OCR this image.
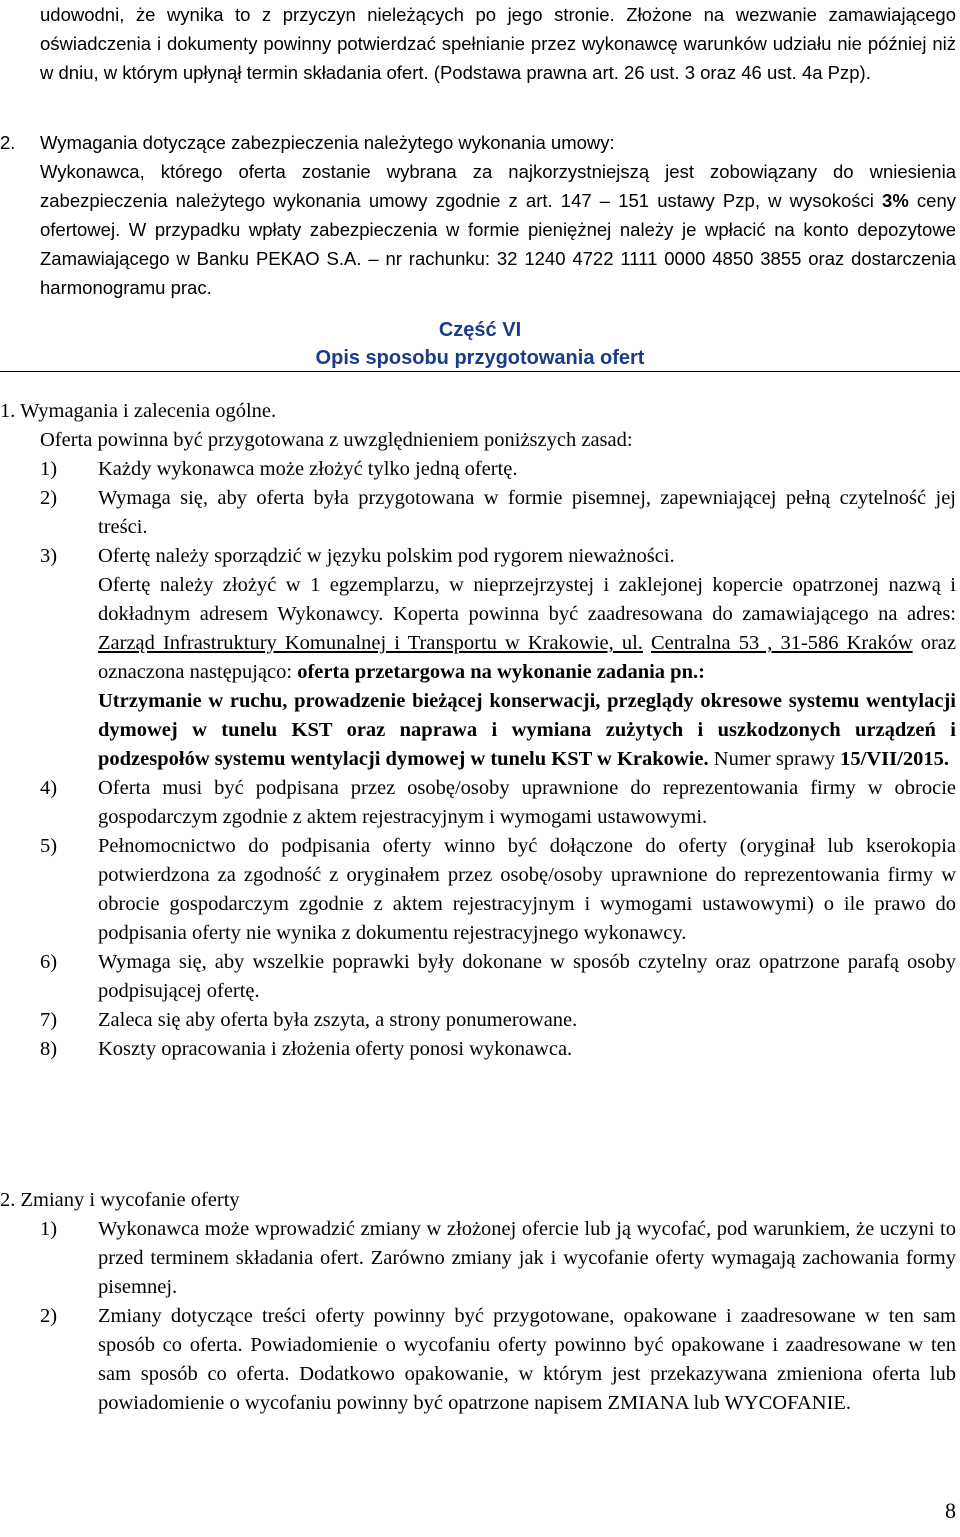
udowodni, że wynika to z przyczyn nieleżących po jego stronie. Złożone na wezwanie zamawiającego oświadczenia i dokumenty powinny potwierdzać spełnianie przez wykonawcę warunków udziału nie później niż w dniu, w którym upłynął termin składania ofert. (Podstawa prawna art. 26 ust. 3 oraz 46 ust. 4a Pzp).

2. Wymagania dotyczące zabezpieczenia należytego wykonania umowy:
Wykonawca, którego oferta zostanie wybrana za najkorzystniejszą jest zobowiązany do wniesienia zabezpieczenia należytego wykonania umowy zgodnie z art. 147 – 151 ustawy Pzp, w wysokości 3% ceny ofertowej. W przypadku wpłaty zabezpieczenia w formie pieniężnej należy je wpłacić na konto depozytowe Zamawiającego w Banku PEKAO S.A. – nr rachunku: 32 1240 4722 1111 0000 4850 3855 oraz dostarczenia harmonogramu prac.
Część VI
Opis sposobu przygotowania ofert
1. Wymagania i zalecenia ogólne.
Oferta powinna być przygotowana z uwzględnieniem poniższych zasad:
1) Każdy wykonawca może złożyć tylko jedną ofertę.
2) Wymaga się, aby oferta była przygotowana w formie pisemnej, zapewniającej pełną czytelność jej treści.
3) Ofertę należy sporządzić w języku polskim pod rygorem nieważności.
Ofertę należy złożyć w 1 egzemplarzu, w nieprzejrzystej i zaklejonej kopercie opatrzonej nazwą i dokładnym adresem Wykonawcy. Koperta powinna być zaadresowana do zamawiającego na adres: Zarząd Infrastruktury Komunalnej i Transportu w Krakowie, ul. Centralna 53 , 31-586 Kraków oraz oznaczona następująco: oferta przetargowa na wykonanie zadania pn.:
Utrzymanie w ruchu, prowadzenie bieżącej konserwacji, przeglądy okresowe systemu wentylacji dymowej w tunelu KST oraz naprawa i wymiana zużytych i uszkodzonych urządzeń i podzespołów systemu wentylacji dymowej w tunelu KST w Krakowie. Numer sprawy 15/VII/2015.
4) Oferta musi być podpisana przez osobę/osoby uprawnione do reprezentowania firmy w obrocie gospodarczym zgodnie z aktem rejestracyjnym i wymogami ustawowymi.
5) Pełnomocnictwo do podpisania oferty winno być dołączone do oferty (oryginał lub kserokopia potwierdzona za zgodność z oryginałem przez osobę/osoby uprawnione do reprezentowania firmy w obrocie gospodarczym zgodnie z aktem rejestracyjnym i wymogami ustawowymi) o ile prawo do podpisania oferty nie wynika z dokumentu rejestracyjnego wykonawcy.
6) Wymaga się, aby wszelkie poprawki były dokonane w sposób czytelny oraz opatrzone parafą osoby podpisującej ofertę.
7) Zaleca się aby oferta była zszyta, a strony ponumerowane.
8) Koszty opracowania i złożenia oferty ponosi wykonawca.
2. Zmiany i wycofanie oferty
1) Wykonawca może wprowadzić zmiany w złożonej ofercie lub ją wycofać, pod warunkiem, że uczyni to przed terminem składania ofert. Zarówno zmiany jak i wycofanie oferty wymagają zachowania formy pisemnej.
2) Zmiany dotyczące treści oferty powinny być przygotowane, opakowane i zaadresowane w ten sam sposób co oferta. Powiadomienie o wycofaniu oferty powinno być opakowane i zaadresowane w ten sam sposób co oferta. Dodatkowo opakowanie, w którym jest przekazywana zmieniona oferta lub powiadomienie o wycofaniu powinny być opatrzone napisem ZMIANA lub WYCOFANIE.
8
